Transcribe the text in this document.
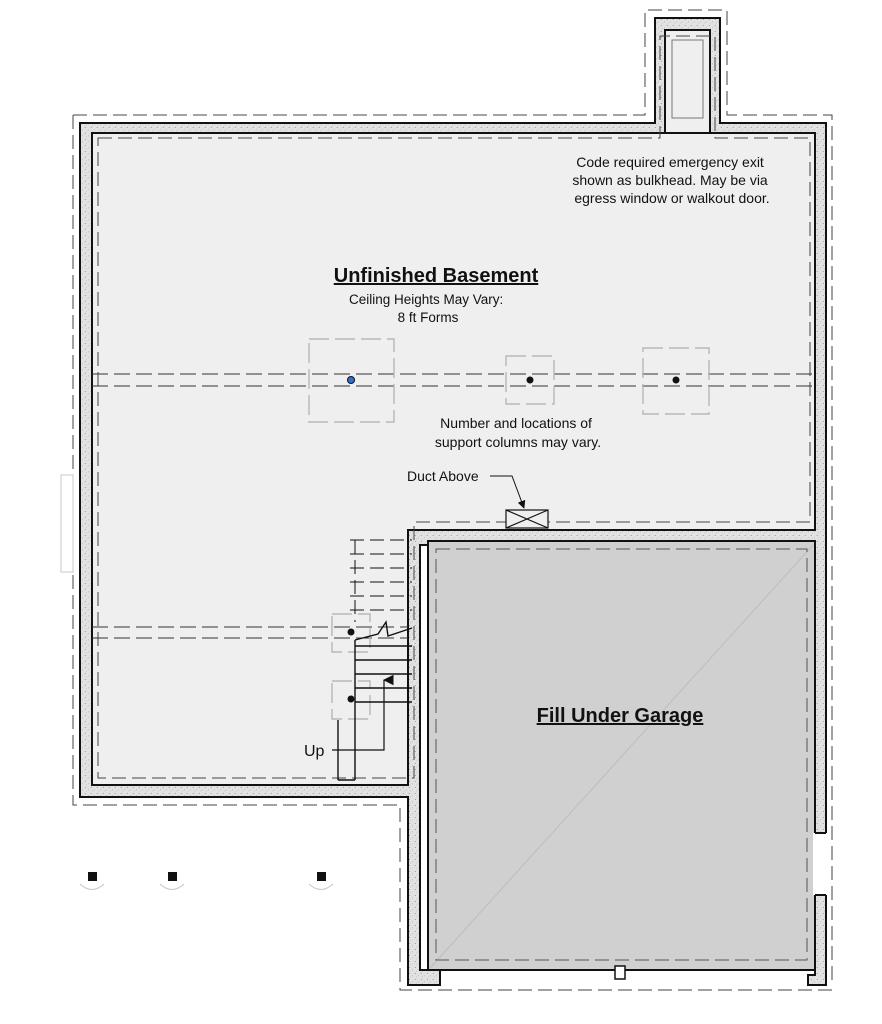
Code required emergency exit shown as bulkhead. May be via egress window or walkout door.
Unfinished Basement
Ceiling Heights May Vary: 8 ft Forms
Number and locations of support columns may vary.
Duct Above
Up
Fill Under Garage
